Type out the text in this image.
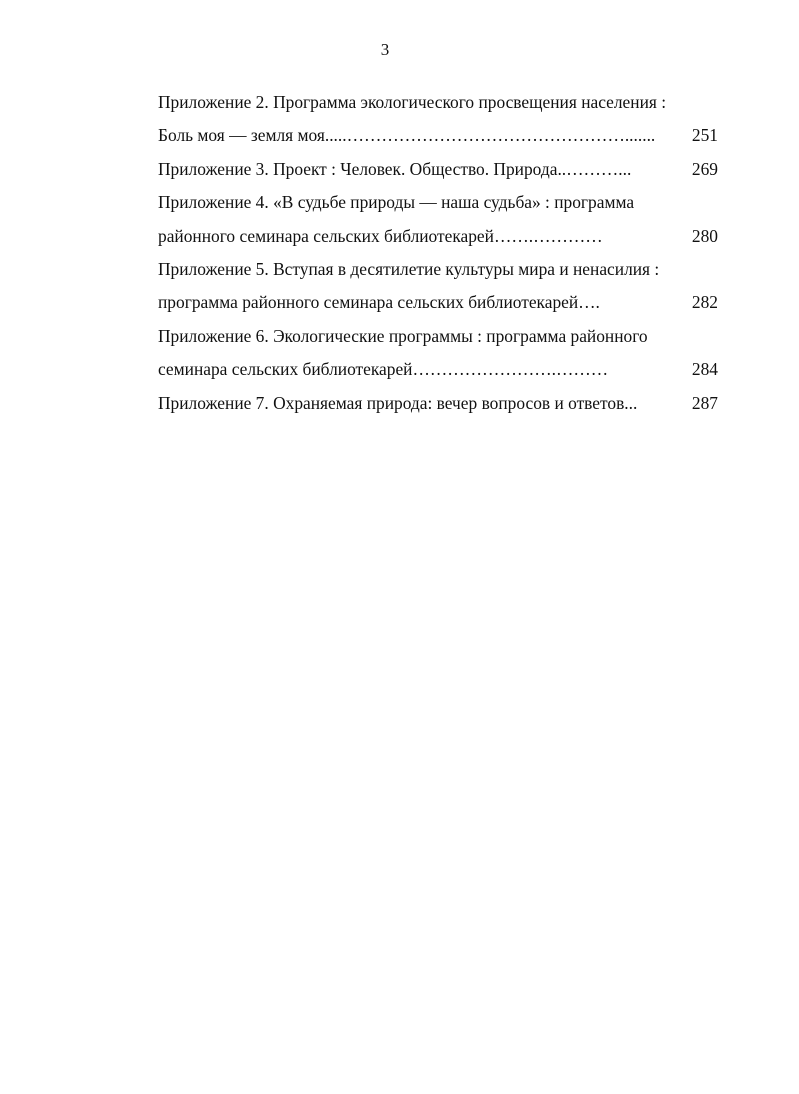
3
Приложение 2. Программа экологического просвещения населения :
251
Боль моя — земля моя.....………………………………………….......
269
Приложение 3. Проект : Человек. Общество. Природа..………...
Приложение 4. «В судьбе природы — наша судьба» : программа
280
районного семинара сельских библиотекарей…….…………
Приложение 5. Вступая в десятилетие культуры мира и ненасилия :
282
программа районного семинара сельских библиотекарей….
Приложение 6. Экологические программы : программа районного
284
семинара сельских библиотекарей…………………….………
287
Приложение 7. Охраняемая природа: вечер вопросов и ответов...
